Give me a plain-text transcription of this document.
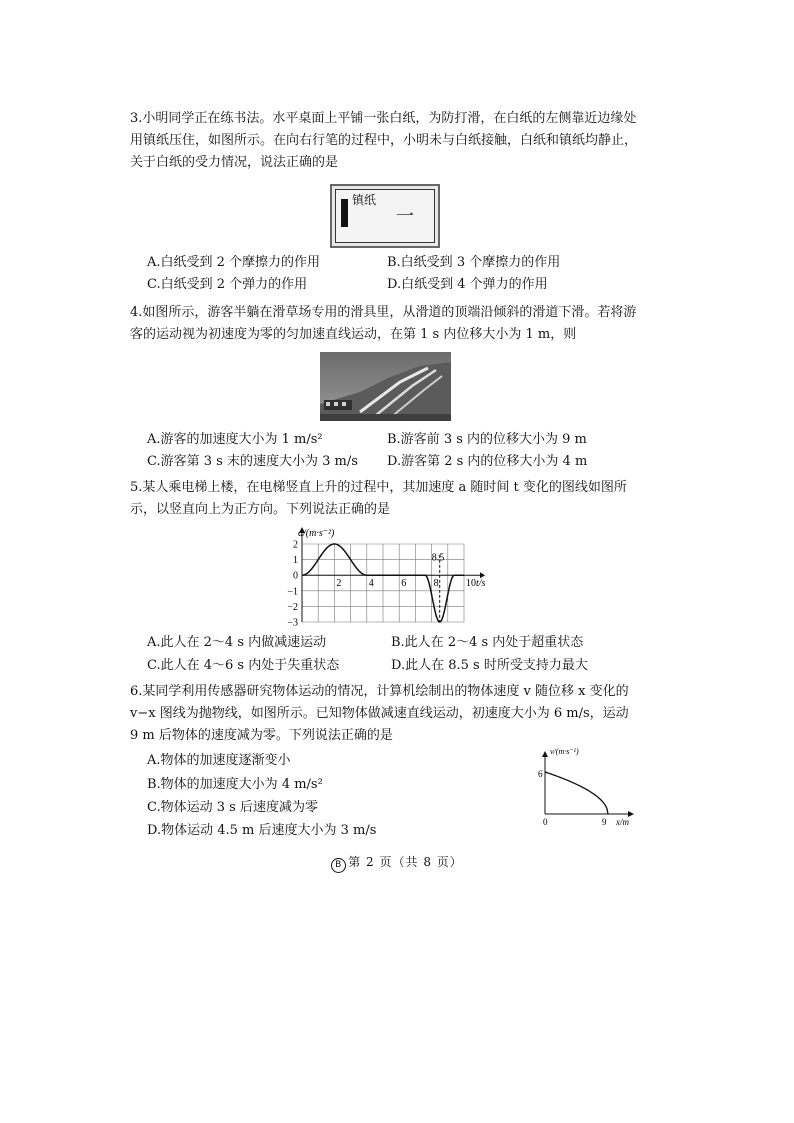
3.小明同学正在练书法。水平桌面上平铺一张白纸，为防打滑，在白纸的左侧靠近边缘处用镇纸压住，如图所示。在向右行笔的过程中，小明未与白纸接触，白纸和镇纸均静止，关于白纸的受力情况，说法正确的是

镇纸
一
A.白纸受到 2 个摩擦力的作用	B.白纸受到 3 个摩擦力的作用
C.白纸受到 2 个弹力的作用	D.白纸受到 4 个弹力的作用

4.如图所示，游客半躺在滑草场专用的滑具里，从滑道的顶端沿倾斜的滑道下滑。若将游客的运动视为初速度为零的匀加速直线运动，在第 1 s 内位移大小为 1 m，则

A.游客的加速度大小为 1 m/s²	B.游客前 3 s 内的位移大小为 9 m
C.游客第 3 s 末的速度大小为 3 m/s D.游客第 2 s 内的位移大小为 4 m

5.某人乘电梯上楼，在电梯竖直上升的过程中，其加速度 a 随时间 t 变化的图线如图所示，以竖直向上为正方向。下列说法正确的是

2
1
0
−1
−2
−3
2	4	6	8	10
8.5
a/(m·s⁻²)
t/s
A.此人在 2～4 s 内做减速运动	B.此人在 2～4 s 内处于超重状态
C.此人在 4～6 s 内处于失重状态	D.此人在 8.5 s 时所受支持力最大

6.某同学利用传感器研究物体运动的情况，计算机绘制出的物体速度 v 随位移 x 变化的 v−x 图线为抛物线，如图所示。已知物体做减速直线运动，初速度大小为 6 m/s，运动 9 m 后物体的速度减为零。下列说法正确的是

A.物体的加速度逐渐变小
B.物体的加速度大小为 4 m/s²
C.物体运动 3 s 后速度减为零
D.物体运动 4.5 m 后速度大小为 3 m/s
v/(m·s⁻¹)
6
0	9 x/m
B 第 2 页（共 8 页）
